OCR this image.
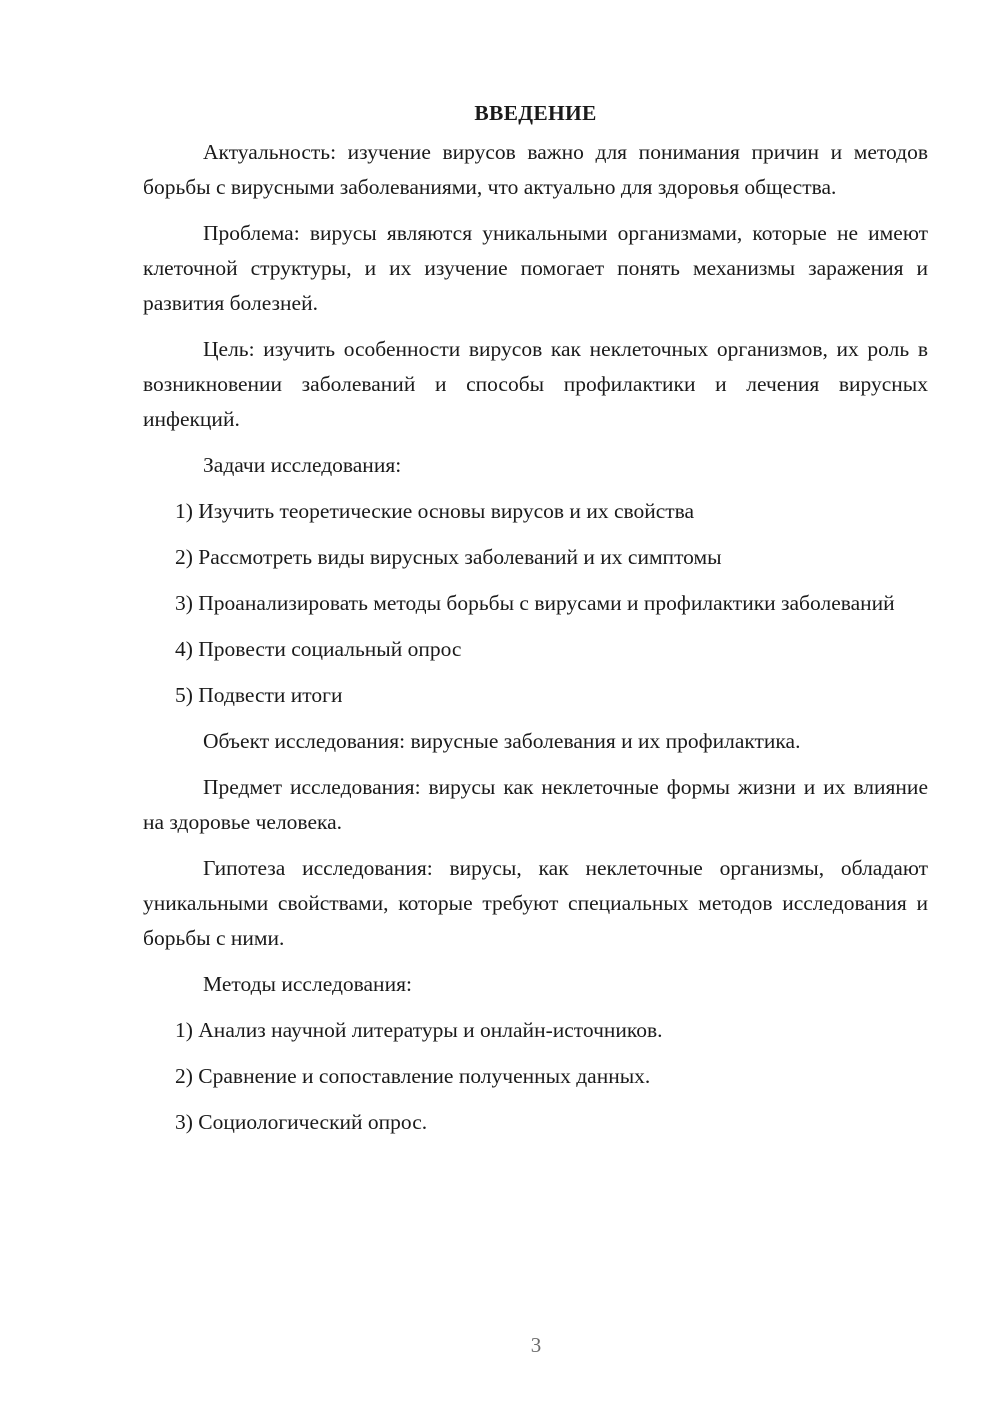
ВВЕДЕНИЕ

Актуальность: изучение вирусов важно для понимания причин и методов борьбы с вирусными заболеваниями, что актуально для здоровья общества.

Проблема: вирусы являются уникальными организмами, которые не имеют клеточной структуры, и их изучение помогает понять механизмы заражения и развития болезней.

Цель: изучить особенности вирусов как неклеточных организмов, их роль в возникновении заболеваний и способы профилактики и лечения вирусных инфекций.

Задачи исследования:

1) Изучить теоретические основы вирусов и их свойства

2) Рассмотреть виды вирусных заболеваний и их симптомы

3) Проанализировать методы борьбы с вирусами и профилактики заболеваний

4) Провести социальный опрос

5) Подвести итоги

Объект исследования: вирусные заболевания и их профилактика.

Предмет исследования: вирусы как неклеточные формы жизни и их влияние на здоровье человека.

Гипотеза исследования: вирусы, как неклеточные организмы, обладают уникальными свойствами, которые требуют специальных методов исследования и борьбы с ними.

Методы исследования:

1) Анализ научной литературы и онлайн-источников.

2) Сравнение и сопоставление полученных данных.

3) Социологический опрос.

3
